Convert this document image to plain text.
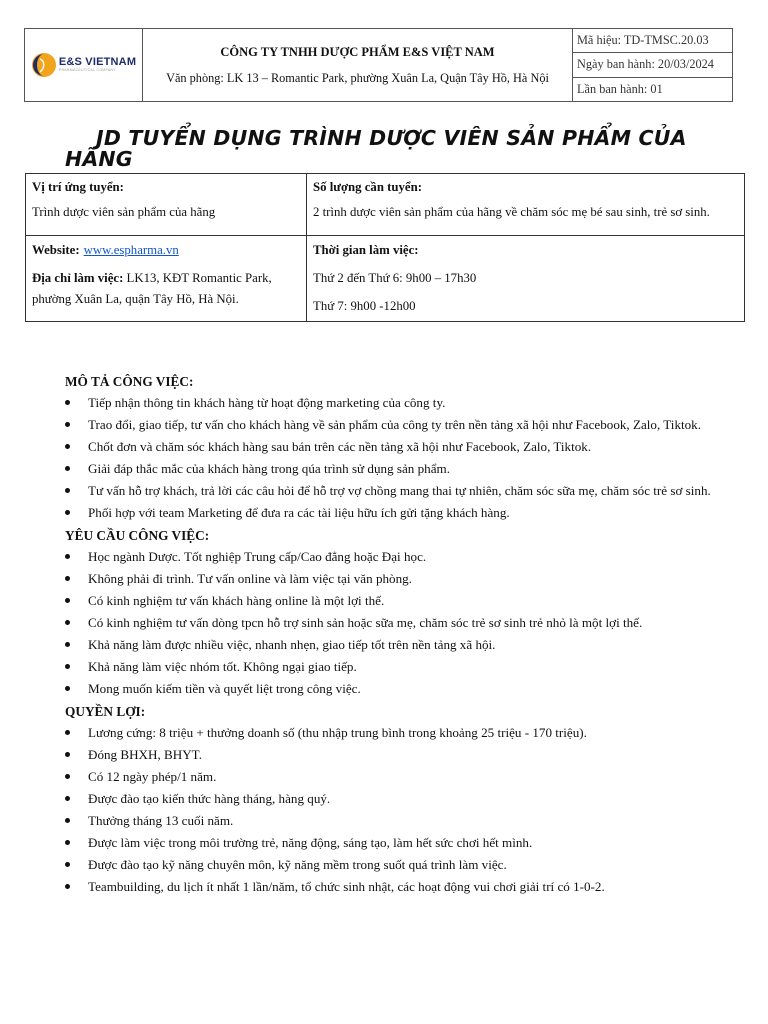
E&S VIETNAM
PHARMACEUTICAL COMPANY
CÔNG TY TNHH DƯỢC PHẨM E&S VIỆT NAM
Văn phòng: LK 13 – Romantic Park, phường Xuân La, Quận Tây Hồ, Hà Nội
Mã hiệu: TD-TMSC.20.03
Ngày ban hành: 20/03/2024
Lần ban hành: 01
JD TUYỂN DỤNG TRÌNH DƯỢC VIÊN SẢN PHẨM CỦA HÃNG
Vị trí ứng tuyển:
Trình dược viên sản phẩm của hãng
Số lượng cần tuyển:
2 trình dược viên sản phẩm của hãng về chăm sóc mẹ bé sau sinh, trẻ sơ sinh.
Website: www.espharma.vn
Địa chỉ làm việc: LK13, KĐT Romantic Park, phường Xuân La, quận Tây Hồ, Hà Nội.
Thời gian làm việc:
Thứ 2 đến Thứ 6: 9h00 – 17h30
Thứ 7: 9h00 -12h00
MÔ TẢ CÔNG VIỆC:
Tiếp nhận thông tin khách hàng từ hoạt động marketing của công ty.
Trao đổi, giao tiếp, tư vấn cho khách hàng về sản phẩm của công ty trên nền tảng xã hội như Facebook, Zalo, Tiktok.
Chốt đơn và chăm sóc khách hàng sau bán trên các nền tảng xã hội như Facebook, Zalo, Tiktok.
Giải đáp thắc mắc của khách hàng trong qúa trình sử dụng sản phẩm.
Tư vấn hỗ trợ khách, trả lời các câu hỏi để hỗ trợ vợ chồng mang thai tự nhiên, chăm sóc sữa mẹ, chăm sóc trẻ sơ sinh.
Phối hợp với team Marketing để đưa ra các tài liệu hữu ích gửi tặng khách hàng.
YÊU CẦU CÔNG VIỆC:
Học ngành Dược. Tốt nghiệp Trung cấp/Cao đẳng hoặc Đại học.
Không phải đi trình. Tư vấn online và làm việc tại văn phòng.
Có kinh nghiệm tư vấn khách hàng online là một lợi thế.
Có kinh nghiệm tư vấn dòng tpcn hỗ trợ sinh sản hoặc sữa mẹ, chăm sóc trẻ sơ sinh trẻ nhỏ là một lợi thế.
Khả năng làm được nhiều việc, nhanh nhẹn, giao tiếp tốt trên nền tảng xã hội.
Khả năng làm việc nhóm tốt. Không ngại giao tiếp.
Mong muốn kiếm tiền và quyết liệt trong công việc.
QUYỀN LỢI:
Lương cứng: 8 triệu + thưởng doanh số (thu nhập trung bình trong khoảng 25 triệu - 170 triệu).
Đóng BHXH, BHYT.
Có 12 ngày phép/1 năm.
Được đào tạo kiến thức hàng tháng, hàng quý.
Thưởng tháng 13 cuối năm.
Được làm việc trong môi trường trẻ, năng động, sáng tạo, làm hết sức chơi hết mình.
Được đào tạo kỹ năng chuyên môn, kỹ năng mềm trong suốt quá trình làm việc.
Teambuilding, du lịch ít nhất 1 lần/năm, tổ chức sinh nhật, các hoạt động vui chơi giải trí có 1-0-2.
